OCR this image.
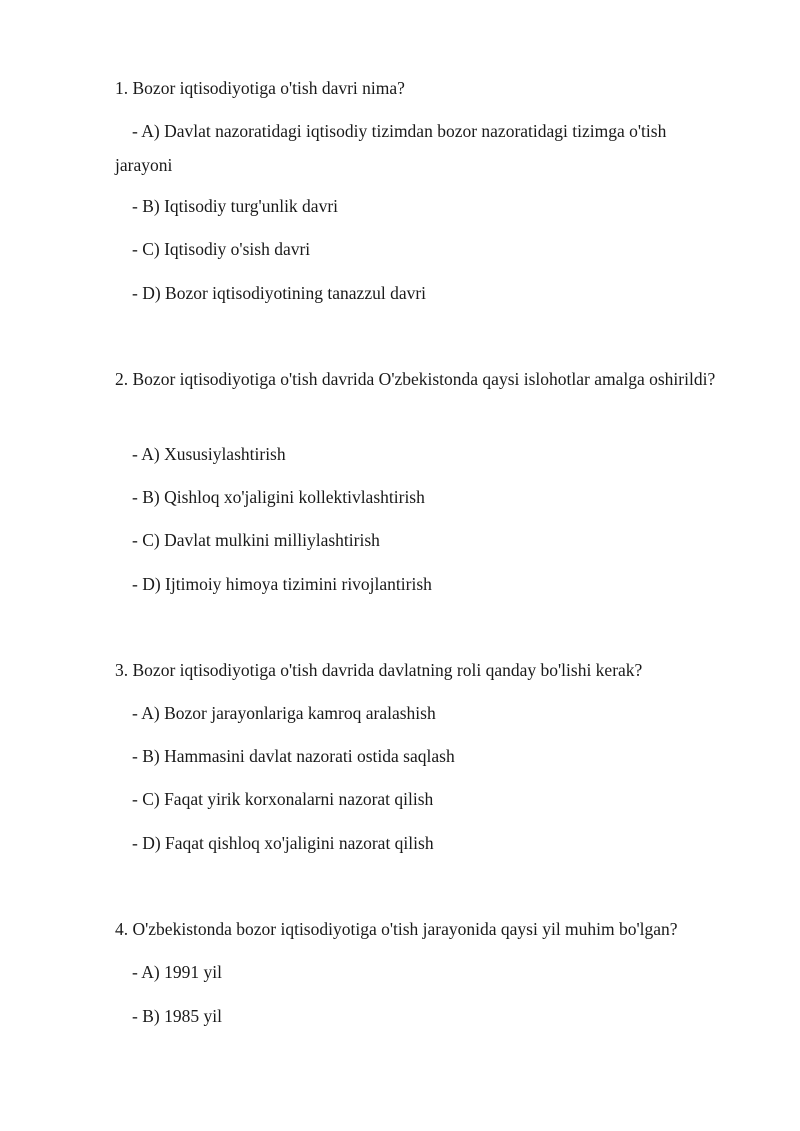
1. Bozor iqtisodiyotiga o'tish davri nima?

- A) Davlat nazoratidagi iqtisodiy tizimdan bozor nazoratidagi tizimga o'tish jarayoni

- B) Iqtisodiy turg'unlik davri

- C) Iqtisodiy o'sish davri

- D) Bozor iqtisodiyotining tanazzul davri

2. Bozor iqtisodiyotiga o'tish davrida O'zbekistonda qaysi islohotlar amalga oshirildi?

- A) Xususiylashtirish

- B) Qishloq xo'jaligini kollektivlashtirish

- C) Davlat mulkini milliylashtirish

- D) Ijtimoiy himoya tizimini rivojlantirish

3. Bozor iqtisodiyotiga o'tish davrida davlatning roli qanday bo'lishi kerak?

- A) Bozor jarayonlariga kamroq aralashish

- B) Hammasini davlat nazorati ostida saqlash

- C) Faqat yirik korxonalarni nazorat qilish

- D) Faqat qishloq xo'jaligini nazorat qilish

4. O'zbekistonda bozor iqtisodiyotiga o'tish jarayonida qaysi yil muhim bo'lgan?

- A) 1991 yil

- B) 1985 yil
